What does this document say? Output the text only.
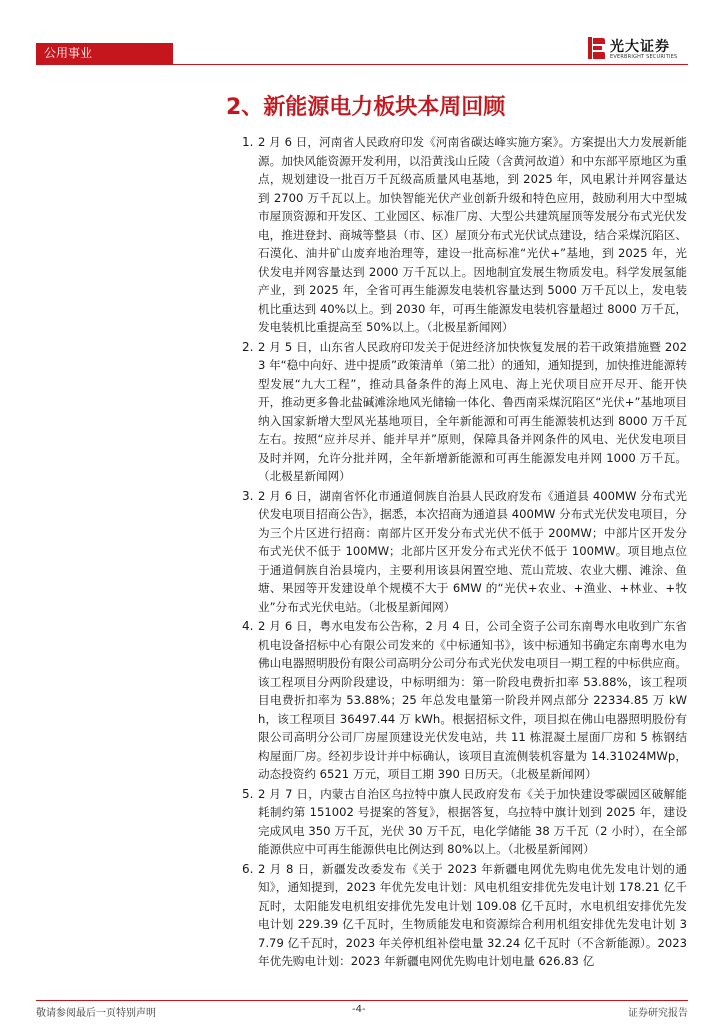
公用事业	光大证券
EVERBRIGHT SECURITIES
2、新能源电力板块本周回顾
1. 2 月 6 日，河南省人民政府印发《河南省碳达峰实施方案》。方案提出大力发展新能源。加快风能资源开发利用，以沿黄浅山丘陵（含黄河故道）和中东部平原地区为重点，规划建设一批百万千瓦级高质量风电基地，到 2025 年，风电累计并网容量达到 2700 万千瓦以上。加快智能光伏产业创新升级和特色应用，鼓励利用大中型城市屋顶资源和开发区、工业园区、标准厂房、大型公共建筑屋顶等发展分布式光伏发电，推进登封、商城等整县（市、区）屋顶分布式光伏试点建设，结合采煤沉陷区、石漠化、油井矿山废弃地治理等，建设一批高标准“光伏+”基地，到 2025 年，光伏发电并网容量达到 2000 万千瓦以上。因地制宜发展生物质发电。科学发展氢能产业，到 2025 年，全省可再生能源发电装机容量达到 5000 万千瓦以上，发电装机比重达到 40%以上。到 2030 年，可再生能源发电装机容量超过 8000 万千瓦，发电装机比重提高至 50%以上。（北极星新闻网）
2. 2 月 5 日，山东省人民政府印发关于促进经济加快恢复发展的若干政策措施暨 2023 年“稳中向好、进中提质”政策清单（第二批）的通知，通知提到，加快推进能源转型发展“九大工程”，推动具备条件的海上风电、海上光伏项目应开尽开、能开快开，推动更多鲁北盐碱滩涂地风光储输一体化、鲁西南采煤沉陷区“光伏+”基地项目纳入国家新增大型风光基地项目，全年新能源和可再生能源装机达到 8000 万千瓦左右。按照“应并尽并、能并早并”原则，保障具备并网条件的风电、光伏发电项目及时并网，允许分批并网，全年新增新能源和可再生能源发电并网 1000 万千瓦。（北极星新闻网）
3. 2 月 6 日，湖南省怀化市通道侗族自治县人民政府发布《通道县 400MW 分布式光伏发电项目招商公告》，据悉，本次招商为通道县 400MW 分布式光伏发电项目，分为三个片区进行招商：南部片区开发分布式光伏不低于 200MW；中部片区开发分布式光伏不低于 100MW；北部片区开发分布式光伏不低于 100MW。项目地点位于通道侗族自治县境内，主要利用该县闲置空地、荒山荒坡、农业大棚、滩涂、鱼塘、果园等开发建设单个规模不大于 6MW 的“光伏+农业、+渔业、+林业、+牧业”分布式光伏电站。（北极星新闻网）
4. 2 月 6 日，粤水电发布公告称，2 月 4 日，公司全资子公司东南粤水电收到广东省机电设备招标中心有限公司发来的《中标通知书》，该中标通知书确定东南粤水电为佛山电器照明股份有限公司高明分公司分布式光伏发电项目一期工程的中标供应商。该工程项目分两阶段建设，中标明细为：第一阶段电费折扣率 53.88%，该工程项目电费折扣率为 53.88%；25 年总发电量第一阶段并网点部分 22334.85 万 kWh，该工程项目 36497.44 万 kWh。根据招标文件，项目拟在佛山电器照明股份有限公司高明分公司厂房屋顶建设光伏发电站，共 11 栋混凝土屋面厂房和 5 栋钢结构屋面厂房。经初步设计并中标确认，该项目直流侧装机容量为 14.31024MWp，动态投资约 6521 万元，项目工期 390 日历天。（北极星新闻网）
5. 2 月 7 日，内蒙古自治区乌拉特中旗人民政府发布《关于加快建设零碳园区破解能耗制约第 151002 号提案的答复》，根据答复，乌拉特中旗计划到 2025 年，建设完成风电 350 万千瓦，光伏 30 万千瓦，电化学储能 38 万千瓦（2 小时），在全部能源供应中可再生能源供电比例达到 80%以上。（北极星新闻网）
6. 2 月 8 日，新疆发改委发布《关于 2023 年新疆电网优先购电优先发电计划的通知》，通知提到，2023 年优先发电计划：风电机组安排优先发电计划 178.21 亿千瓦时，太阳能发电机组安排优先发电计划 109.08 亿千瓦时，水电机组安排优先发电计划 229.39 亿千瓦时，生物质能发电和资源综合利用机组安排优先发电计划 37.79 亿千瓦时，2023 年关停机组补偿电量 32.24 亿千瓦时（不含新能源）。2023 年优先购电计划：2023 年新疆电网优先购电计划电量 626.83 亿
敬请参阅最后一页特别声明	-4-	证券研究报告
